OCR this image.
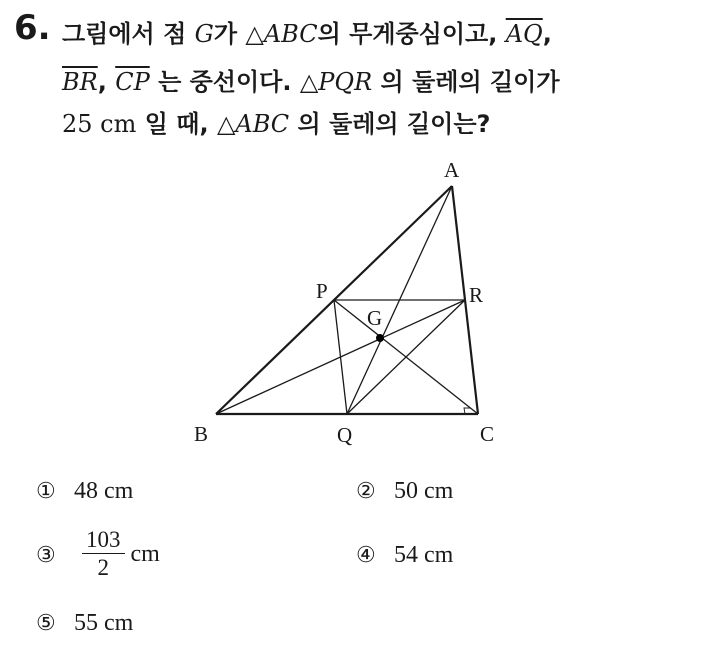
6. 그림에서 점 G가 △ABC의 무게중심이고, $\overline{AQ}$,
$\overline{BR}$, $\overline{CP}$ 는 중선이다. △PQR 의 둘레의 길이가
25 cm 일 때, △ABC 의 둘레의 길이는?
A
B	C
P
Q
R
G
① 48 cm	② 50 cm
③ $\frac{103}{2}$ cm	④ 54 cm
⑤ 55 cm
